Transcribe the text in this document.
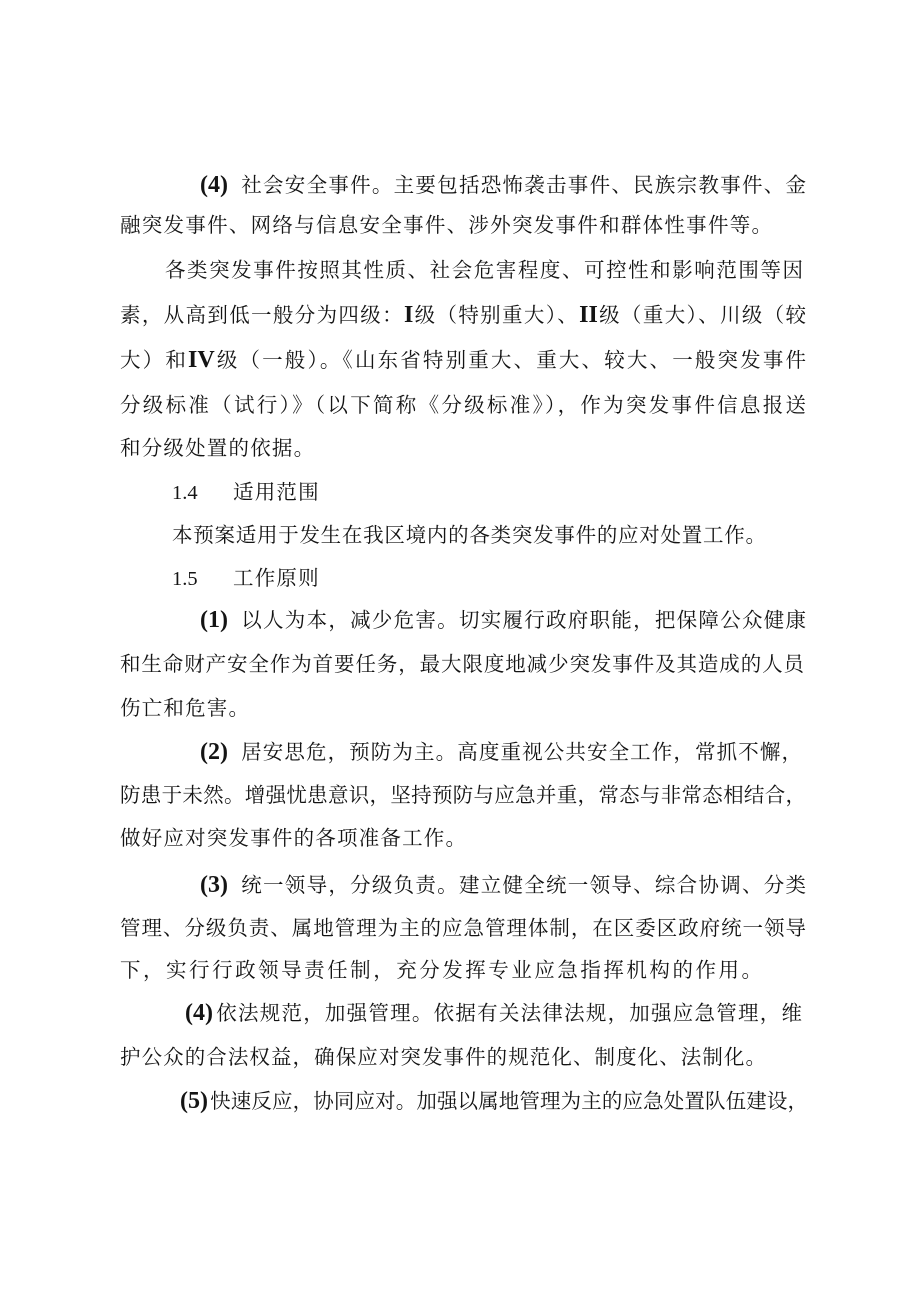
(4) 社会安全事件。主要包括恐怖袭击事件、民族宗教事件、金
融突发事件、网络与信息安全事件、涉外突发事件和群体性事件等。
各类突发事件按照其性质、社会危害程度、可控性和影响范围等因
素，从高到低一般分为四级：I级（特别重大）、II级（重大）、川级（较
大）和IV级（一般）。《山东省特别重大、重大、较大、一般突发事件
分级标准（试行）》（以下简称《分级标准》），作为突发事件信息报送
和分级处置的依据。
1.4 适用范围
本预案适用于发生在我区境内的各类突发事件的应对处置工作。
1.5 工作原则
(1) 以人为本，减少危害。切实履行政府职能，把保障公众健康
和生命财产安全作为首要任务，最大限度地减少突发事件及其造成的人员
伤亡和危害。
(2) 居安思危，预防为主。高度重视公共安全工作，常抓不懈，
防患于未然。增强忧患意识，坚持预防与应急并重，常态与非常态相结合，
做好应对突发事件的各项准备工作。
(3) 统一领导，分级负责。建立健全统一领导、综合协调、分类
管理、分级负责、属地管理为主的应急管理体制，在区委区政府统一领导
下，实行行政领导责任制，充分发挥专业应急指挥机构的作用。
(4)依法规范，加强管理。依据有关法律法规，加强应急管理，维
护公众的合法权益，确保应对突发事件的规范化、制度化、法制化。
(5)快速反应，协同应对。加强以属地管理为主的应急处置队伍建设，
